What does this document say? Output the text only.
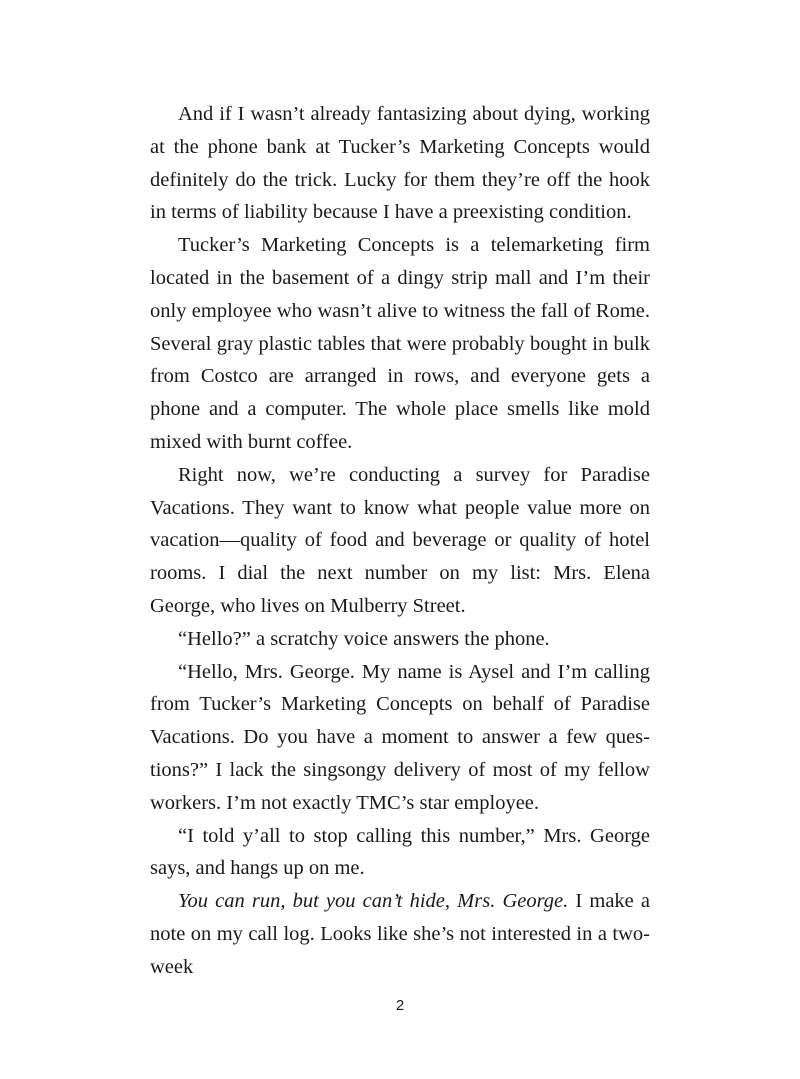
And if I wasn’t already fantasizing about dying, working at the phone bank at Tucker’s Marketing Concepts would definitely do the trick. Lucky for them they’re off the hook in terms of liability because I have a preexisting condition.

Tucker’s Marketing Concepts is a telemarketing firm located in the basement of a dingy strip mall and I’m their only employee who wasn’t alive to witness the fall of Rome. Several gray plastic tables that were probably bought in bulk from Costco are arranged in rows, and everyone gets a phone and a computer. The whole place smells like mold mixed with burnt coffee.

Right now, we’re conducting a survey for Paradise Vacations. They want to know what people value more on vacation—quality of food and beverage or quality of hotel rooms. I dial the next number on my list: Mrs. Elena George, who lives on Mulberry Street.

“Hello?” a scratchy voice answers the phone.

“Hello, Mrs. George. My name is Aysel and I’m calling from Tucker’s Marketing Concepts on behalf of Paradise Vacations. Do you have a moment to answer a few questions?” I lack the singsongy delivery of most of my fellow workers. I’m not exactly TMC’s star employee.

“I told y’all to stop calling this number,” Mrs. George says, and hangs up on me.

You can run, but you can’t hide, Mrs. George. I make a note on my call log. Looks like she’s not interested in a two-week

2
